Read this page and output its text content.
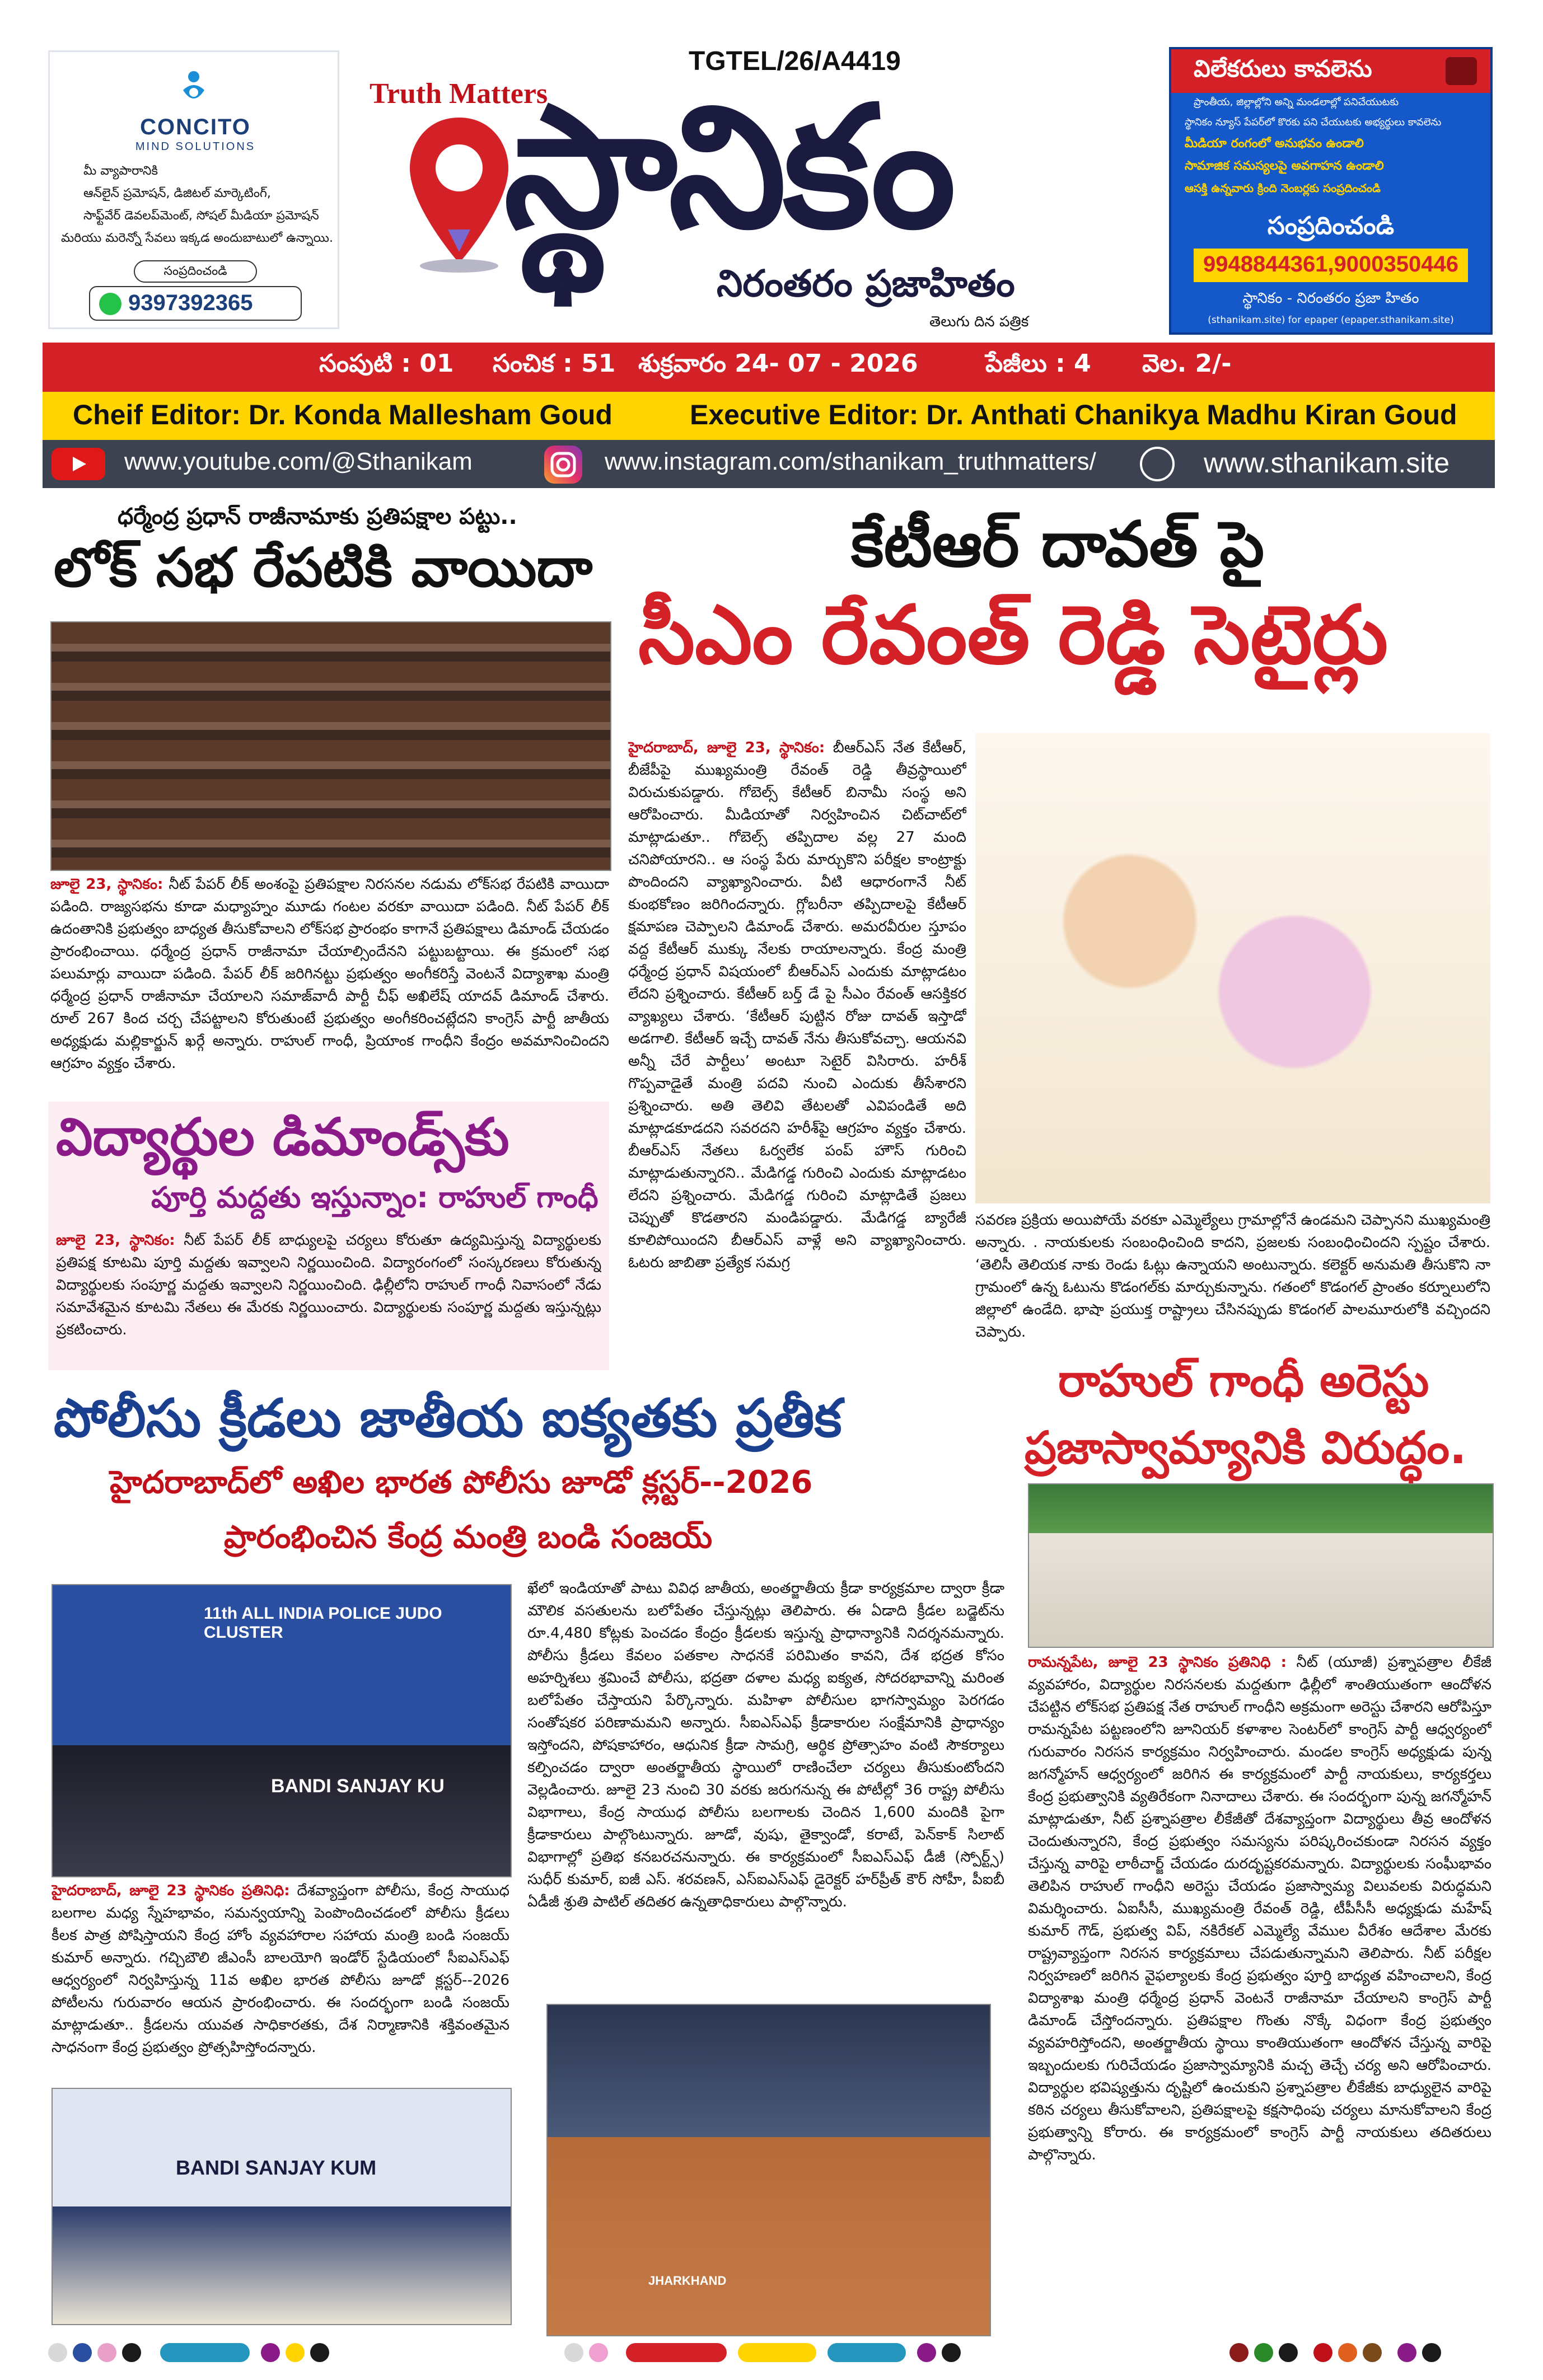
CONCITO
MIND SOLUTIONS
మీ వ్యాపారానికి
ఆన్‌లైన్ ప్రమోషన్, డిజిటల్ మార్కెటింగ్,
సాఫ్ట్‌వేర్ డెవలప్‌మెంట్, సోషల్ మీడియా ప్రమోషన్
మరియు మరెన్నో సేవలు ఇక్కడ అందుబాటులో ఉన్నాయి.
సంప్రదించండి
9397392365
TGTEL/26/A4419
Truth Matters
స్థానికం
నిరంతరం ప్రజాహితం
తెలుగు దిన పత్రిక
విలేకరులు కావలెను
ప్రాంతీయ, జిల్లాల్లోని అన్ని మండలాల్లో పనిచేయుటకు
స్థానికం న్యూస్ పేపర్‌లో కొరకు పని చేయుటకు అభ్యర్థులు కావలెను
మీడియా రంగంలో అనుభవం ఉండాలి
సామాజిక సమస్యలపై అవగాహన ఉండాలి
ఆసక్తి ఉన్నవారు క్రింది నెంబర్లకు సంప్రదించండి
సంప్రదించండి
9948844361,9000350446
స్థానికం - నిరంతరం ప్రజా హితం
(sthanikam.site) for epaper (epaper.sthanikam.site)
సంపుటి : 01 సంచిక : 51 శుక్రవారం 24- 07 - 2026	పేజీలు : 4 వెల. 2/-
Cheif Editor: Dr. Konda Mallesham Goud	Executive Editor: Dr. Anthati Chanikya Madhu Kiran Goud
www.youtube.com/@Sthanikam	www.instagram.com/sthanikam_truthmatters/	www.sthanikam.site
ధర్మేంద్ర ప్రధాన్ రాజీనామాకు ప్రతిపక్షాల పట్టు..
లోక్ సభ రేపటికి వాయిదా
జూలై 23, స్థానికం: నీట్ పేపర్ లీక్ అంశంపై ప్రతిపక్షాల నిరసనల నడుమ లోక్‌సభ రేపటికి వాయిదా పడింది. రాజ్యసభను కూడా మధ్యాహ్నం మూడు గంటల వరకూ వాయిదా పడింది. నీట్ పేపర్ లీక్ ఉదంతానికి ప్రభుత్వం బాధ్యత తీసుకోవాలని లోక్‌సభ ప్రారంభం కాగానే ప్రతిపక్షాలు డిమాండ్ చేయడం ప్రారంభించాయి. ధర్మేంద్ర ప్రధాన్ రాజీనామా చేయాల్సిందేనని పట్టుబట్టాయి. ఈ క్రమంలో సభ పలుమార్లు వాయిదా పడింది. పేపర్ లీక్ జరిగినట్టు ప్రభుత్వం అంగీకరిస్తే వెంటనే విద్యాశాఖ మంత్రి ధర్మేంద్ర ప్రధాన్ రాజీనామా చేయాలని సమాజ్‌వాదీ పార్టీ చీఫ్ అఖిలేష్ యాదవ్ డిమాండ్ చేశారు. రూల్ 267 కింద చర్చ చేపట్టాలని కోరుతుంటే ప్రభుత్వం అంగీకరించట్లేదని కాంగ్రెస్ పార్టీ జాతీయ అధ్యక్షుడు మల్లికార్జున్ ఖర్గే అన్నారు. రాహుల్ గాంధీ, ప్రియాంక గాంధీని కేంద్రం అవమానించిందని ఆగ్రహం వ్యక్తం చేశారు.
విద్యార్థుల డిమాండ్స్‌కు
పూర్తి మద్దతు ఇస్తున్నాం: రాహుల్ గాంధీ
జూలై 23, స్థానికం: నీట్ పేపర్ లీక్ బాధ్యులపై చర్యలు కోరుతూ ఉద్యమిస్తున్న విద్యార్థులకు ప్రతిపక్ష కూటమి పూర్తి మద్దతు ఇవ్వాలని నిర్ణయించింది. విద్యారంగంలో సంస్కరణలు కోరుతున్న విద్యార్థులకు సంపూర్ణ మద్దతు ఇవ్వాలని నిర్ణయించింది. ఢిల్లీలోని రాహుల్ గాంధీ నివాసంలో నేడు సమావేశమైన కూటమి నేతలు ఈ మేరకు నిర్ణయించారు. విద్యార్థులకు సంపూర్ణ మద్దతు ఇస్తున్నట్లు ప్రకటించారు.
కేటీఆర్ దావత్ పై
సీఎం రేవంత్ రెడ్డి సెటైర్లు
హైదరాబాద్, జూలై 23, స్థానికం: బీఆర్ఎస్ నేత కేటీఆర్, బీజేపీపై ముఖ్యమంత్రి రేవంత్ రెడ్డి తీవ్రస్థాయిలో విరుచుకుపడ్డారు. గోబెల్స్ కేటీఆర్ బినామీ సంస్థ అని ఆరోపించారు. మీడియాతో నిర్వహించిన చిట్‌చాట్‌లో మాట్లాడుతూ.. గోబెల్స్ తప్పిదాల వల్ల 27 మంది చనిపోయారని.. ఆ సంస్థ పేరు మార్చుకొని పరీక్షల కాంట్రాక్టు పొందిందని వ్యాఖ్యానించారు. వీటి ఆధారంగానే నీట్ కుంభకోణం జరిగిందన్నారు. గ్లోబరీనా తప్పిదాలపై కేటీఆర్ క్షమాపణ చెప్పాలని డిమాండ్ చేశారు. అమరవీరుల స్తూపం వద్ద కేటీఆర్ ముక్కు నేలకు రాయాలన్నారు. కేంద్ర మంత్రి ధర్మేంద్ర ప్రధాన్ విషయంలో బీఆర్ఎస్ ఎందుకు మాట్లాడటం లేదని ప్రశ్నించారు. కేటీఆర్ బర్త్ డే పై సీఎం రేవంత్ ఆసక్తికర వ్యాఖ్యలు చేశారు. ‘కేటీఆర్ పుట్టిన రోజు దావత్ ఇస్తాడో అడగాలి. కేటీఆర్ ఇచ్చే దావత్ నేను తీసుకోవచ్చా. ఆయనవి అన్నీ చేరే పార్టీలు’ అంటూ సెటైర్ విసిరారు. హరీశ్ గొప్పవాడైతే మంత్రి పదవి నుంచి ఎందుకు తీసేశారని ప్రశ్నించారు. అతి తెలివి తేటలతో ఎవిపండితే అది మాట్లాడకూడదని సవరదని హరీశ్‌పై ఆగ్రహం వ్యక్తం చేశారు. బీఆర్ఎస్ నేతలు ఓర్వలేక పంప్ హౌస్ గురించి మాట్లాడుతున్నారని.. మేడిగడ్డ గురించి ఎందుకు మాట్లాడటం లేదని ప్రశ్నించారు. మేడిగడ్డ గురించి మాట్లాడితే ప్రజలు చెప్పుతో కొడతారని మండిపడ్డారు. మేడిగడ్డ బ్యారేజీ కూలిపోయిందని బీఆర్ఎస్ వాళ్లే అని వ్యాఖ్యానించారు. ఓటరు జాబితా ప్రత్యేక సమగ్ర
సవరణ ప్రక్రియ అయిపోయే వరకూ ఎమ్మెల్యేలు గ్రామాల్లోనే ఉండమని చెప్పానని ముఖ్యమంత్రి అన్నారు. . నాయకులకు సంబంధించింది కాదని, ప్రజలకు సంబంధించిందని స్పష్టం చేశారు. ‘తెలిసీ తెలియక నాకు రెండు ఓట్లు ఉన్నాయని అంటున్నారు. కలెక్టర్ అనుమతి తీసుకొని నా గ్రామంలో ఉన్న ఓటును కొడంగల్‌కు మార్చుకున్నాను. గతంలో కొడంగల్ ప్రాంతం కర్నూలులోని జిల్లాలో ఉండేది. భాషా ప్రయుక్త రాష్ట్రాలు చేసినప్పుడు కొడంగల్ పాలమూరులోకి వచ్చిందని చెప్పారు.
పోలీసు క్రీడలు జాతీయ ఐక్యతకు ప్రతీక
హైదరాబాద్‌లో అఖిల భారత పోలీసు జూడో క్లస్టర్--2026
ప్రారంభించిన కేంద్ర మంత్రి బండి సంజయ్
11th ALL INDIA POLICE JUDO CLUSTER
BANDI SANJAY KU
హైదరాబాద్, జూలై 23 స్థానికం ప్రతినిధి: దేశవ్యాప్తంగా పోలీసు, కేంద్ర సాయుధ బలగాల మధ్య స్నేహభావం, సమన్వయాన్ని పెంపొందించడంలో పోలీసు క్రీడలు కీలక పాత్ర పోషిస్తాయని కేంద్ర హోం వ్యవహారాల సహాయ మంత్రి బండి సంజయ్ కుమార్ అన్నారు. గచ్చిబౌలి జీఎంసీ బాలయోగి ఇండోర్ స్టేడియంలో సీఐఎస్ఎఫ్ ఆధ్వర్యంలో నిర్వహిస్తున్న 11వ అఖిల భారత పోలీసు జూడో క్లస్టర్--2026 పోటీలను గురువారం ఆయన ప్రారంభించారు. ఈ సందర్భంగా బండి సంజయ్ మాట్లాడుతూ.. క్రీడలను యువత సాధికారతకు, దేశ నిర్మాణానికి శక్తివంతమైన సాధనంగా కేంద్ర ప్రభుత్వం ప్రోత్సహిస్తోందన్నారు.
BANDI SANJAY KUM
ఖేలో ఇండియాతో పాటు వివిధ జాతీయ, అంతర్జాతీయ క్రీడా కార్యక్రమాల ద్వారా క్రీడా మౌలిక వసతులను బలోపేతం చేస్తున్నట్లు తెలిపారు. ఈ ఏడాది క్రీడల బడ్జెట్‌ను రూ.4,480 కోట్లకు పెంచడం కేంద్రం క్రీడలకు ఇస్తున్న ప్రాధాన్యానికి నిదర్శనమన్నారు. పోలీసు క్రీడలు కేవలం పతకాల సాధనకే పరిమితం కావని, దేశ భద్రత కోసం అహర్నిశలు శ్రమించే పోలీసు, భద్రతా దళాల మధ్య ఐక్యత, సోదరభావాన్ని మరింత బలోపేతం చేస్తాయని పేర్కొన్నారు. మహిళా పోలీసుల భాగస్వామ్యం పెరగడం సంతోషకర పరిణామమని అన్నారు. సీఐఎస్ఎఫ్ క్రీడాకారుల సంక్షేమానికి ప్రాధాన్యం ఇస్తోందని, పోషకాహారం, ఆధునిక క్రీడా సామగ్రి, ఆర్థిక ప్రోత్సాహం వంటి సౌకర్యాలు కల్పించడం ద్వారా అంతర్జాతీయ స్థాయిలో రాణించేలా చర్యలు తీసుకుంటోందని వెల్లడించారు. జూలై 23 నుంచి 30 వరకు జరుగనున్న ఈ పోటీల్లో 36 రాష్ట్ర పోలీసు విభాగాలు, కేంద్ర సాయుధ పోలీసు బలగాలకు చెందిన 1,600 మందికి పైగా క్రీడాకారులు పాల్గొంటున్నారు. జూడో, వుషు, తైక్వాండో, కరాటే, పెన్‌కాక్ సిలాట్ విభాగాల్లో ప్రతిభ కనబరచనున్నారు. ఈ కార్యక్రమంలో సీఐఎస్ఎఫ్ డీజీ (స్పోర్ట్స్) సుధీర్ కుమార్, ఐజీ ఎస్. శరవణన్, ఎస్ఐఎస్ఎఫ్ డైరెక్టర్ హర్‌ప్రీత్ కౌర్ సోహీ, పీఐబీ ఏడీజీ శ్రుతి పాటిల్ తదితర ఉన్నతాధికారులు పాల్గొన్నారు.
JHARKHAND
రాహుల్ గాంధీ అరెస్టు
ప్రజాస్వామ్యానికి విరుద్ధం.
రామన్నపేట, జూలై 23 స్థానికం ప్రతినిధి : నీట్ (యూజీ) ప్రశ్నాపత్రాల లీకేజీ వ్యవహారం, విద్యార్థుల నిరసనలకు మద్దతుగా ఢిల్లీలో శాంతియుతంగా ఆందోళన చేపట్టిన లోక్‌సభ ప్రతిపక్ష నేత రాహుల్ గాంధీని అక్రమంగా అరెస్టు చేశారని ఆరోపిస్తూ రామన్నపేట పట్టణంలోని జూనియర్ కళాశాల సెంటర్‌లో కాంగ్రెస్ పార్టీ ఆధ్వర్యంలో గురువారం నిరసన కార్యక్రమం నిర్వహించారు. మండల కాంగ్రెస్ అధ్యక్షుడు పున్న జగన్మోహన్ ఆధ్వర్యంలో జరిగిన ఈ కార్యక్రమంలో పార్టీ నాయకులు, కార్యకర్తలు కేంద్ర ప్రభుత్వానికి వ్యతిరేకంగా నినాదాలు చేశారు. ఈ సందర్భంగా పున్న జగన్మోహన్ మాట్లాడుతూ, నీట్ ప్రశ్నాపత్రాల లీకేజీతో దేశవ్యాప్తంగా విద్యార్థులు తీవ్ర ఆందోళన చెందుతున్నారని, కేంద్ర ప్రభుత్వం సమస్యను పరిష్కరించకుండా నిరసన వ్యక్తం చేస్తున్న వారిపై లాఠీచార్జ్ చేయడం దురదృష్టకరమన్నారు. విద్యార్థులకు సంఘీభావం తెలిపిన రాహుల్ గాంధీని అరెస్టు చేయడం ప్రజాస్వామ్య విలువలకు విరుద్ధమని విమర్శించారు. ఏఐసీసీ, ముఖ్యమంత్రి రేవంత్ రెడ్డి, టీపీసీసీ అధ్యక్షుడు మహేష్ కుమార్ గౌడ్, ప్రభుత్వ విప్, నకిరేకల్ ఎమ్మెల్యే వేముల వీరేశం ఆదేశాల మేరకు రాష్ట్రవ్యాప్తంగా నిరసన కార్యక్రమాలు చేపడుతున్నామని తెలిపారు. నీట్ పరీక్షల నిర్వహణలో జరిగిన వైఫల్యాలకు కేంద్ర ప్రభుత్వం పూర్తి బాధ్యత వహించాలని, కేంద్ర విద్యాశాఖ మంత్రి ధర్మేంద్ర ప్రధాన్ వెంటనే రాజీనామా చేయాలని కాంగ్రెస్ పార్టీ డిమాండ్ చేస్తోందన్నారు. ప్రతిపక్షాల గొంతు నొక్కే విధంగా కేంద్ర ప్రభుత్వం వ్యవహరిస్తోందని, అంతర్జాతీయ స్థాయి కాంతియుతంగా ఆందోళన చేస్తున్న వారిపై ఇబ్బందులకు గురిచేయడం ప్రజాస్వామ్యానికి మచ్చ తెచ్చే చర్య అని ఆరోపించారు. విద్యార్థుల భవిష్యత్తును దృష్టిలో ఉంచుకుని ప్రశ్నాపత్రాల లీకేజీకు బాధ్యులైన వారిపై కఠిన చర్యలు తీసుకోవాలని, ప్రతిపక్షాలపై కక్షసాధింపు చర్యలు మానుకోవాలని కేంద్ర ప్రభుత్వాన్ని కోరారు. ఈ కార్యక్రమంలో కాంగ్రెస్ పార్టీ నాయకులు తదితరులు పాల్గొన్నారు.
